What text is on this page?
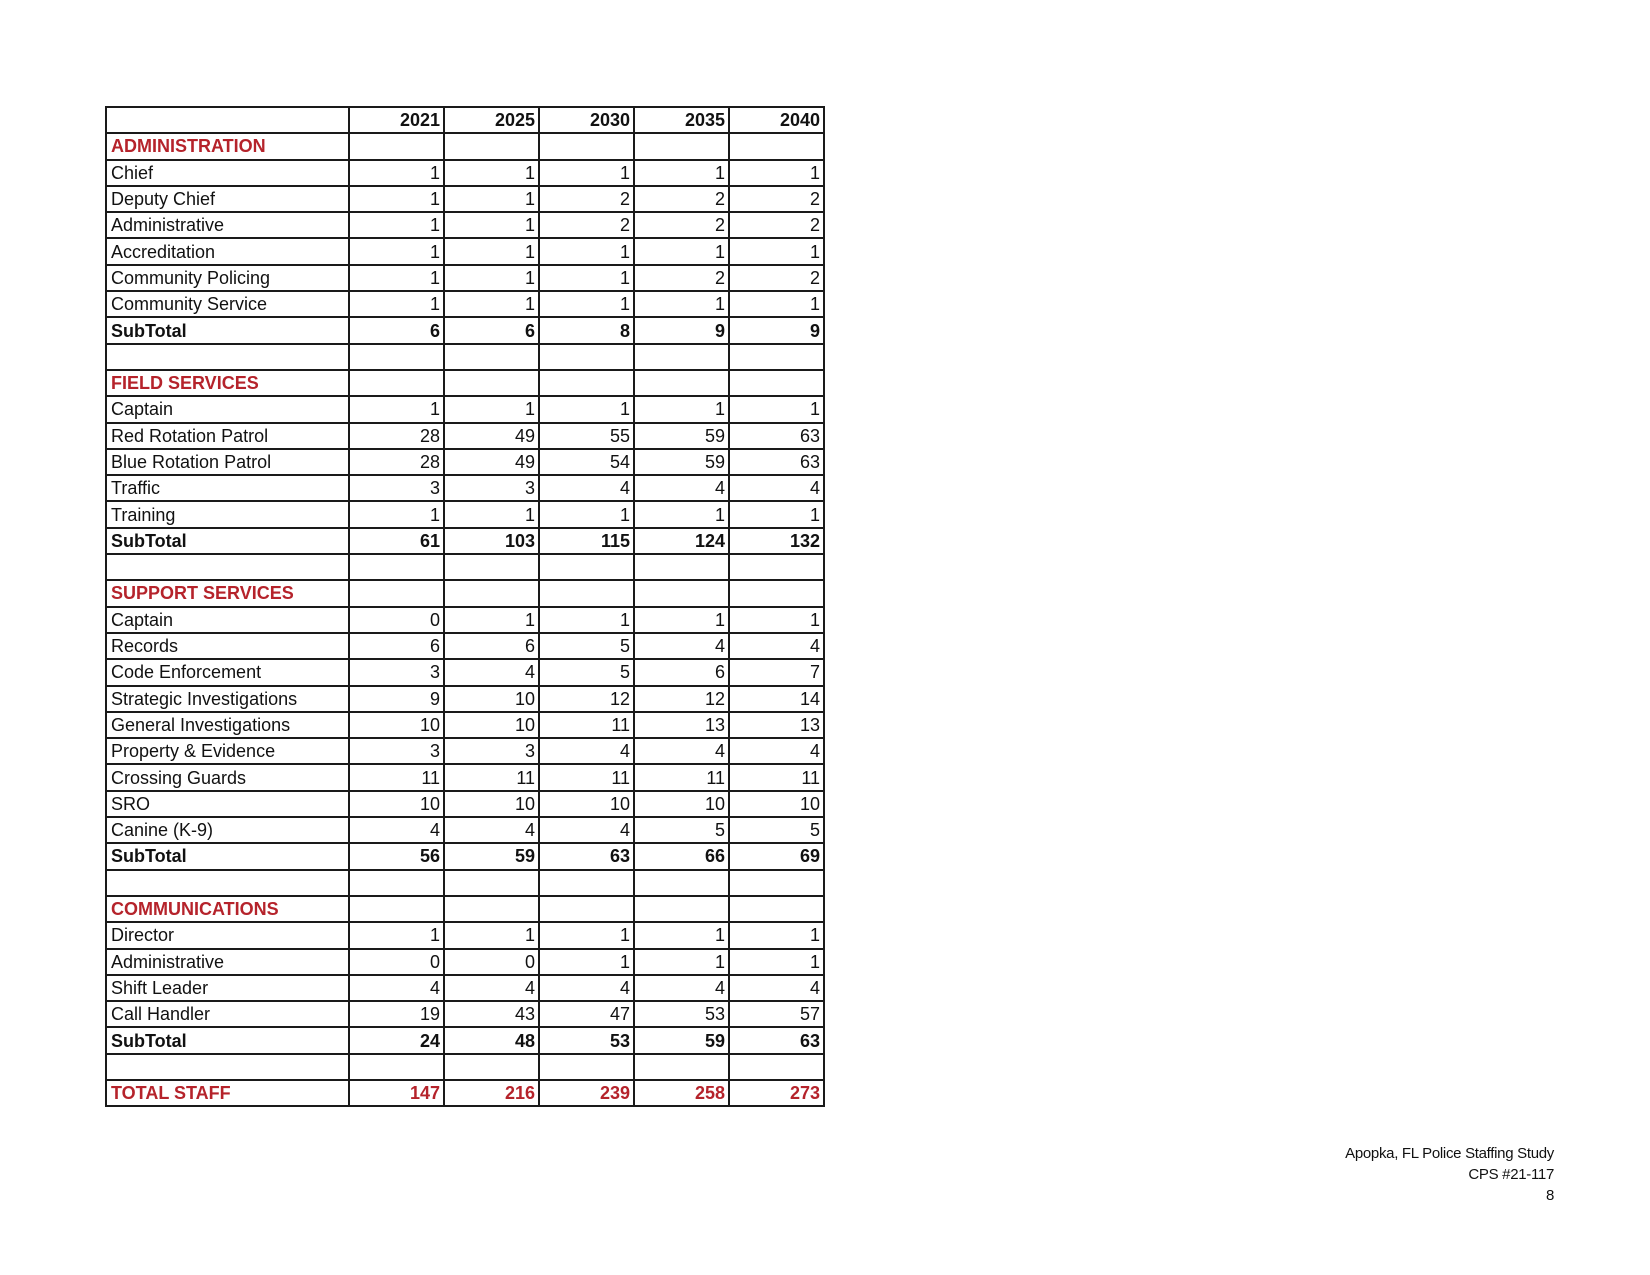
	2021	2025	2030	2035	2040
ADMINISTRATION					
Chief	1	1	1	1	1
Deputy Chief	1	1	2	2	2
Administrative	1	1	2	2	2
Accreditation	1	1	1	1	1
Community Policing	1	1	1	2	2
Community Service	1	1	1	1	1
SubTotal	6	6	8	9	9

FIELD SERVICES					
Captain	1	1	1	1	1
Red Rotation Patrol	28	49	55	59	63
Blue Rotation Patrol	28	49	54	59	63
Traffic	3	3	4	4	4
Training	1	1	1	1	1
SubTotal	61	103	115	124	132

SUPPORT SERVICES					
Captain	0	1	1	1	1
Records	6	6	5	4	4
Code Enforcement	3	4	5	6	7
Strategic Investigations	9	10	12	12	14
General Investigations	10	10	11	13	13
Property & Evidence	3	3	4	4	4
Crossing Guards	11	11	11	11	11
SRO	10	10	10	10	10
Canine (K-9)	4	4	4	5	5
SubTotal	56	59	63	66	69

COMMUNICATIONS					
Director	1	1	1	1	1
Administrative	0	0	1	1	1
Shift Leader	4	4	4	4	4
Call Handler	19	43	47	53	57
SubTotal	24	48	53	59	63

TOTAL STAFF	147	216	239	258	273
Apopka, FL Police Staffing Study
CPS #21-117
8
